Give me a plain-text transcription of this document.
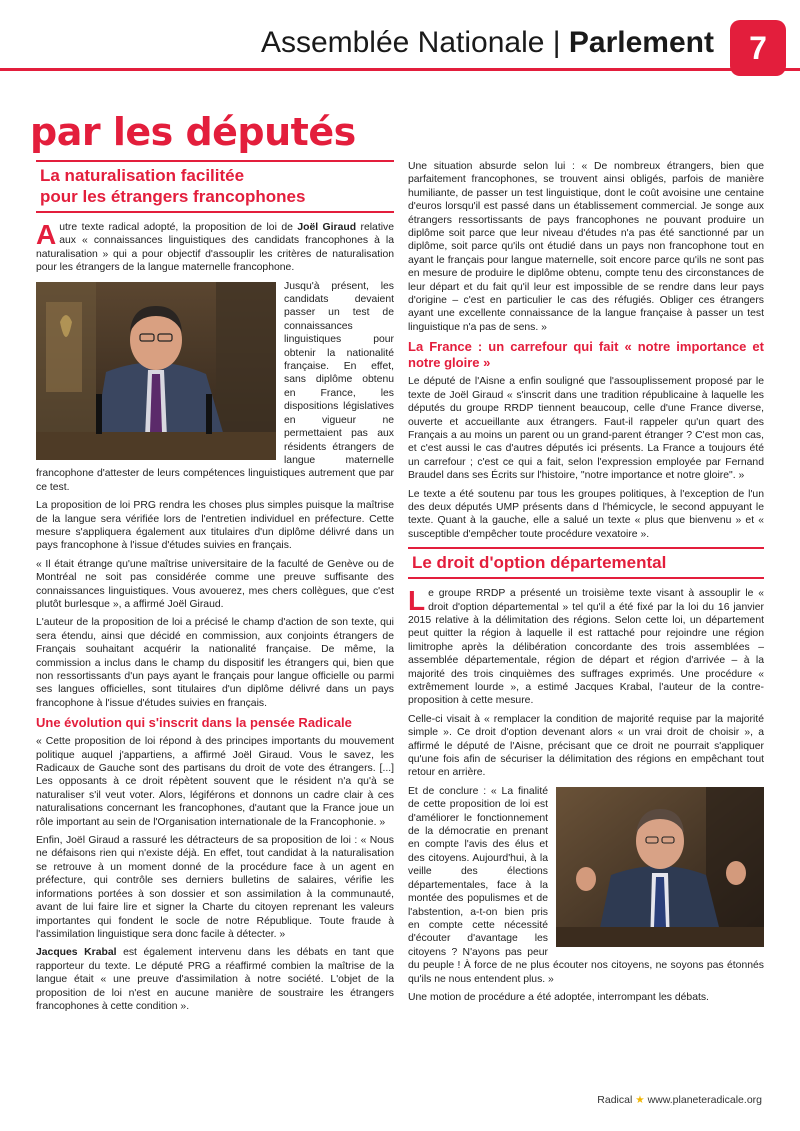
Assemblée Nationale | Parlement	7
par les députés
La naturalisation facilitée
pour les étrangers francophones

Autre texte radical adopté, la proposition de loi de Joël Giraud relative aux « connaissances linguistiques des candidats francophones à la naturalisation » qui a pour objectif d'assouplir les critères de naturalisation pour les étrangers de la langue maternelle francophone.

Jusqu'à présent, les candidats devaient passer un test de connaissances linguistiques pour obtenir la nationalité française. En effet, sans diplôme obtenu en France, les dispositions législatives en vigueur ne permettaient pas aux résidents étrangers de langue maternelle francophone d'attester de leurs compétences linguistiques autrement que par ce test.

La proposition de loi PRG rendra les choses plus simples puisque la maîtrise de la langue sera vérifiée lors de l'entretien individuel en préfecture. Cette mesure s'appliquera également aux titulaires d'un diplôme délivré dans un pays francophone à l'issue d'études suivies en français.

« Il était étrange qu'une maîtrise universitaire de la faculté de Genève ou de Montréal ne soit pas considérée comme une preuve suffisante des connaissances linguistiques. Vous avouerez, mes chers collègues, que c'est plutôt burlesque », a affirmé Joël Giraud.

L'auteur de la proposition de loi a précisé le champ d'action de son texte, qui sera étendu, ainsi que décidé en commission, aux conjoints étrangers de Français souhaitant acquérir la nationalité française. De même, la commission a inclus dans le champ du dispositif les étrangers qui, bien que non ressortissants d'un pays ayant le français pour langue officielle ou parmi ses langues officielles, sont titulaires d'un diplôme délivré dans un pays francophone à l'issue d'études suivies en français.

Une évolution qui s'inscrit dans la pensée Radicale

« Cette proposition de loi répond à des principes importants du mouvement politique auquel j'appartiens, a affirmé Joël Giraud. Vous le savez, les Radicaux de Gauche sont des partisans du droit de vote des étrangers. [...] Les opposants à ce droit répètent souvent que le résident n'a qu'à se naturaliser s'il veut voter. Alors, légiférons et donnons un cadre clair à ces naturalisations concernant les francophones, d'autant que la France joue un rôle important au sein de l'Organisation internationale de la Francophonie. »

Enfin, Joël Giraud a rassuré les détracteurs de sa proposition de loi : « Nous ne défaisons rien qui n'existe déjà. En effet, tout candidat à la naturalisation se retrouve à un moment donné de la procédure face à un agent en préfecture, qui contrôle ses derniers bulletins de salaires, vérifie les informations portées à son dossier et son assimilation à la communauté, avant de lui faire lire et signer la Charte du citoyen reprenant les valeurs importantes qui fondent le socle de notre République. Toute fraude à l'assimilation linguistique sera donc facile à détecter. »

Jacques Krabal est également intervenu dans les débats en tant que rapporteur du texte. Le député PRG a réaffirmé combien la maîtrise de la langue était « une preuve d'assimilation à notre société. L'objet de la proposition de loi n'est en aucune manière de soustraire les étrangers francophones à cette condition ».

Une situation absurde selon lui : « De nombreux étrangers, bien que parfaitement francophones, se trouvent ainsi obligés, parfois de manière humiliante, de passer un test linguistique, dont le coût avoisine une centaine d'euros lorsqu'il est passé dans un établissement commercial. Je songe aux étrangers ressortissants de pays francophones ne pouvant produire un diplôme soit parce que leur niveau d'études n'a pas été sanctionné par un diplôme, soit parce qu'ils ont étudié dans un pays non francophone tout en ayant le français pour langue maternelle, soit encore parce qu'ils ne sont pas en mesure de produire le diplôme obtenu, compte tenu des circonstances de leur départ et du fait qu'il leur est impossible de se rendre dans leur pays d'origine – c'est en particulier le cas des réfugiés. Obliger ces étrangers ayant une excellente connaissance de la langue française à passer un test linguistique n'a pas de sens. »

La France : un carrefour qui fait « notre importance et notre gloire »

Le député de l'Aisne a enfin souligné que l'assouplissement proposé par le texte de Joël Giraud « s'inscrit dans une tradition républicaine à laquelle les députés du groupe RRDP tiennent beaucoup, celle d'une France diverse, ouverte et accueillante aux étrangers. Faut-il rappeler qu'un quart des Français a au moins un parent ou un grand-parent étranger ? C'est mon cas, et c'est aussi le cas d'autres députés ici présents. La France a toujours été un carrefour ; c'est ce qui a fait, selon l'expression employée par Fernand Braudel dans ses Écrits sur l'histoire, "notre importance et notre gloire". »

Le texte a été soutenu par tous les groupes politiques, à l'exception de l'un des deux députés UMP présents dans d l'hémicycle, le second appuyant le texte. Quant à la gauche, elle a salué un texte « plus que bienvenu » et « susceptible d'empêcher toute procédure vexatoire ».

Le droit d'option départemental

Le groupe RRDP a présenté un troisième texte visant à assouplir le « droit d'option départemental » tel qu'il a été fixé par la loi du 16 janvier 2015 relative à la délimitation des régions. Selon cette loi, un département peut quitter la région à laquelle il est rattaché pour rejoindre une région limitrophe après la délibération concordante des trois assemblées – assemblée départementale, région de départ et région d'arrivée – à la majorité des trois cinquièmes des suffrages exprimés. Une procédure « extrêmement lourde », a estimé Jacques Krabal, l'auteur de la contre-proposition à cette mesure.

Celle-ci visait à « remplacer la condition de majorité requise par la majorité simple ». Ce droit d'option devenant alors « un vrai droit de choisir », a affirmé le député de l'Aisne, précisant que ce droit ne pourrait s'appliquer qu'une fois afin de sécuriser la délimitation des régions en empêchant tout retour en arrière.

Et de conclure : « La finalité de cette proposition de loi est d'améliorer le fonctionnement de la démocratie en prenant en compte l'avis des élus et des citoyens. Aujourd'hui, à la veille des élections départementales, face à la montée des populismes et de l'abstention, a-t-on bien pris en compte cette nécessité d'écouter d'avantage les citoyens ? N'ayons pas peur du peuple ! À force de ne plus écouter nos citoyens, ne soyons pas étonnés qu'ils ne nous entendent plus. »

Une motion de procédure a été adoptée, interrompant les débats.

Radical ★ www.planeteradicale.org
